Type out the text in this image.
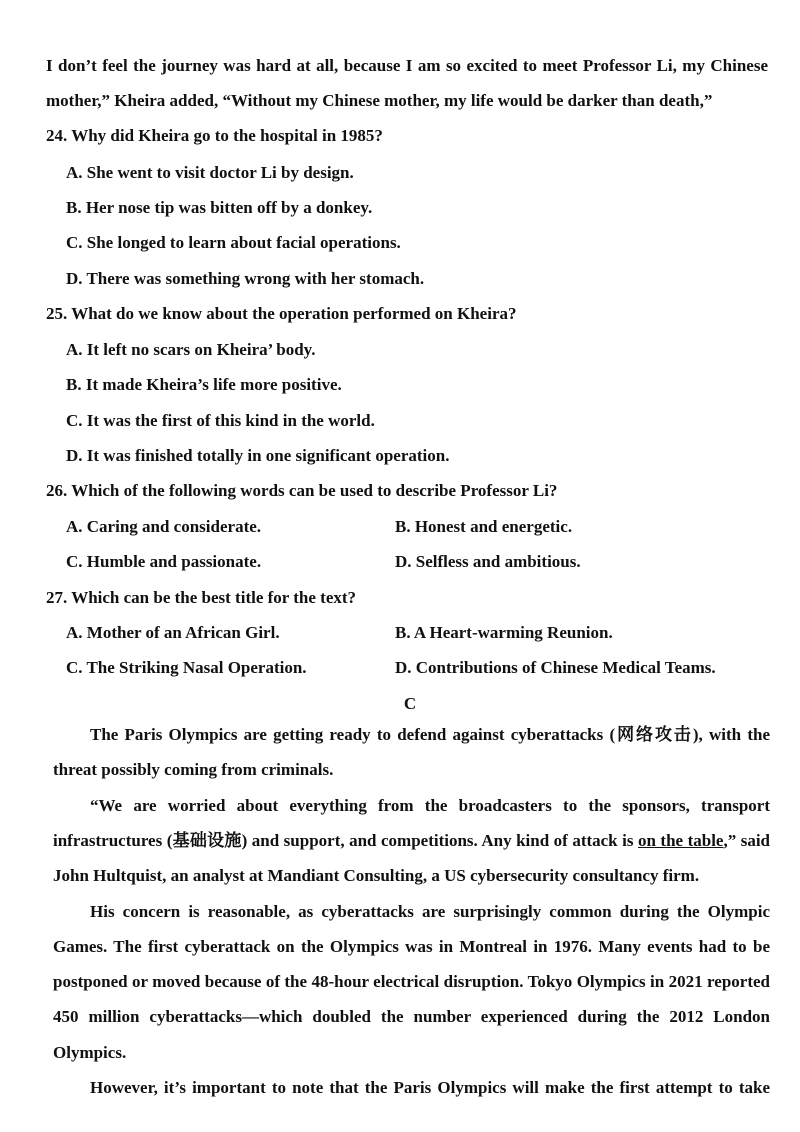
I don’t feel the journey was hard at all, because I am so excited to meet Professor Li, my Chinese
mother,” Kheira added, “Without my Chinese mother, my life would be darker than death,”
24. Why did Kheira go to the hospital in 1985?
A. She went to visit doctor Li by design.
B. Her nose tip was bitten off by a donkey.
C. She longed to learn about facial operations.
D. There was something wrong with her stomach.
25. What do we know about the operation performed on Kheira?
A. It left no scars on Kheira’ body.
B. It made Kheira’s life more positive.
C. It was the first of this kind in the world.
D. It was finished totally in one significant operation.
26. Which of the following words can be used to describe Professor Li?
A. Caring and considerate.	B. Honest and energetic.
C. Humble and passionate.	D. Selfless and ambitious.
27. Which can be the best title for the text?
A. Mother of an African Girl.	B. A Heart-warming Reunion.
C. The Striking Nasal Operation.	D. Contributions of Chinese Medical Teams.
C
The Paris Olympics are getting ready to defend against cyberattacks (网络攻击), with the
threat possibly coming from criminals.
“We are worried about everything from the broadcasters to the sponsors, transport
infrastructures (基础设施) and support, and competitions. Any kind of attack is on the table,” said
John Hultquist, an analyst at Mandiant Consulting, a US cybersecurity consultancy firm.
His concern is reasonable, as cyberattacks are surprisingly common during the Olympic
Games. The first cyberattack on the Olympics was in Montreal in 1976. Many events had to be
postponed or moved because of the 48-hour electrical disruption. Tokyo Olympics in 2021 reported
450 million cyberattacks—which doubled the number experienced during the 2012 London
Olympics.
However, it’s important to note that the Paris Olympics will make the first attempt to take
